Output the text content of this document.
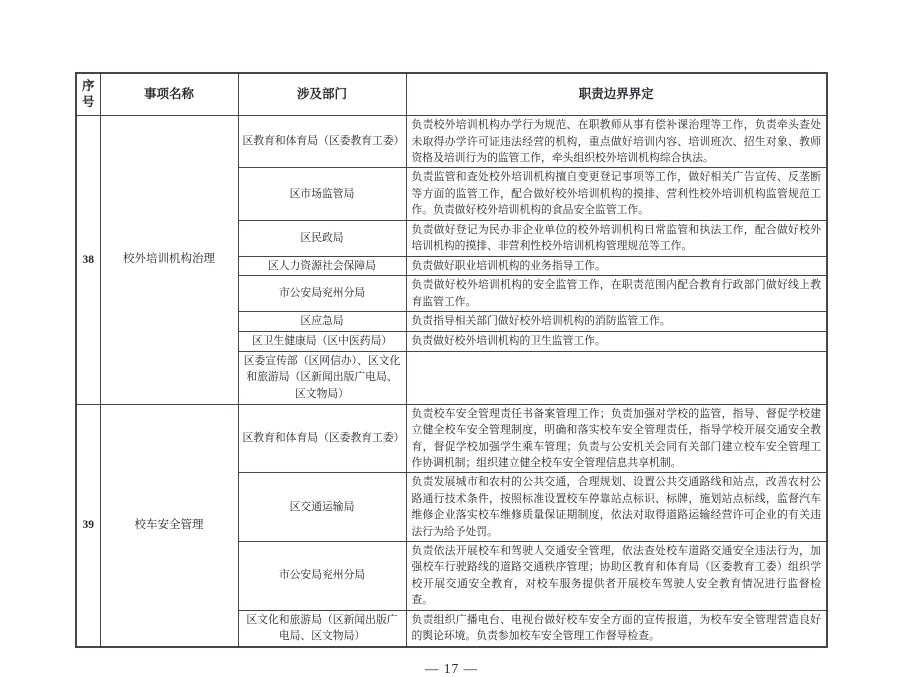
序号	事项名称	涉及部门	职责边界界定
38	校外培训机构治理	区教育和体育局（区委教育工委）	负责校外培训机构办学行为规范、在职教师从事有偿补课治理等工作，负责牵头查处未取得办学许可证违法经营的机构，重点做好培训内容、培训班次、招生对象、教师资格及培训行为的监管工作，牵头组织校外培训机构综合执法。
		区市场监管局	负责监管和查处校外培训机构擅自变更登记事项等工作，做好相关广告宣传、反垄断等方面的监管工作，配合做好校外培训机构的摸排、营利性校外培训机构监管规范工作。负责做好校外培训机构的食品安全监管工作。
		区民政局	负责做好登记为民办非企业单位的校外培训机构日常监管和执法工作，配合做好校外培训机构的摸排、非营利性校外培训机构管理规范等工作。
		区人力资源社会保障局	负责做好职业培训机构的业务指导工作。
		市公安局兖州分局	负责做好校外培训机构的安全监管工作，在职责范围内配合教育行政部门做好线上教育监管工作。
		区应急局	负责指导相关部门做好校外培训机构的消防监管工作。
		区卫生健康局（区中医药局）	负责做好校外培训机构的卫生监管工作。
		区委宣传部（区网信办）、区文化和旅游局（区新闻出版广电局、区文物局）	
39	校车安全管理	区教育和体育局（区委教育工委）	负责校车安全管理责任书备案管理工作；负责加强对学校的监管，指导、督促学校建立健全校车安全管理制度，明确和落实校车安全管理责任，指导学校开展交通安全教育，督促学校加强学生乘车管理；负责与公安机关会同有关部门建立校车安全管理工作协调机制；组织建立健全校车安全管理信息共享机制。
		区交通运输局	负责发展城市和农村的公共交通，合理规划、设置公共交通路线和站点，改善农村公路通行技术条件，按照标准设置校车停靠站点标识、标牌，施划站点标线，监督汽车维修企业落实校车维修质量保证期制度，依法对取得道路运输经营许可企业的有关违法行为给予处罚。
		市公安局兖州分局	负责依法开展校车和驾驶人交通安全管理，依法查处校车道路交通安全违法行为，加强校车行驶路线的道路交通秩序管理；协助区教育和体育局（区委教育工委）组织学校开展交通安全教育，对校车服务提供者开展校车驾驶人安全教育情况进行监督检查。
		区文化和旅游局（区新闻出版广电局、区文物局）	负责组织广播电台、电视台做好校车安全方面的宣传报道，为校车安全管理营造良好的舆论环境。负责参加校车安全管理工作督导检查。
— 17 —
